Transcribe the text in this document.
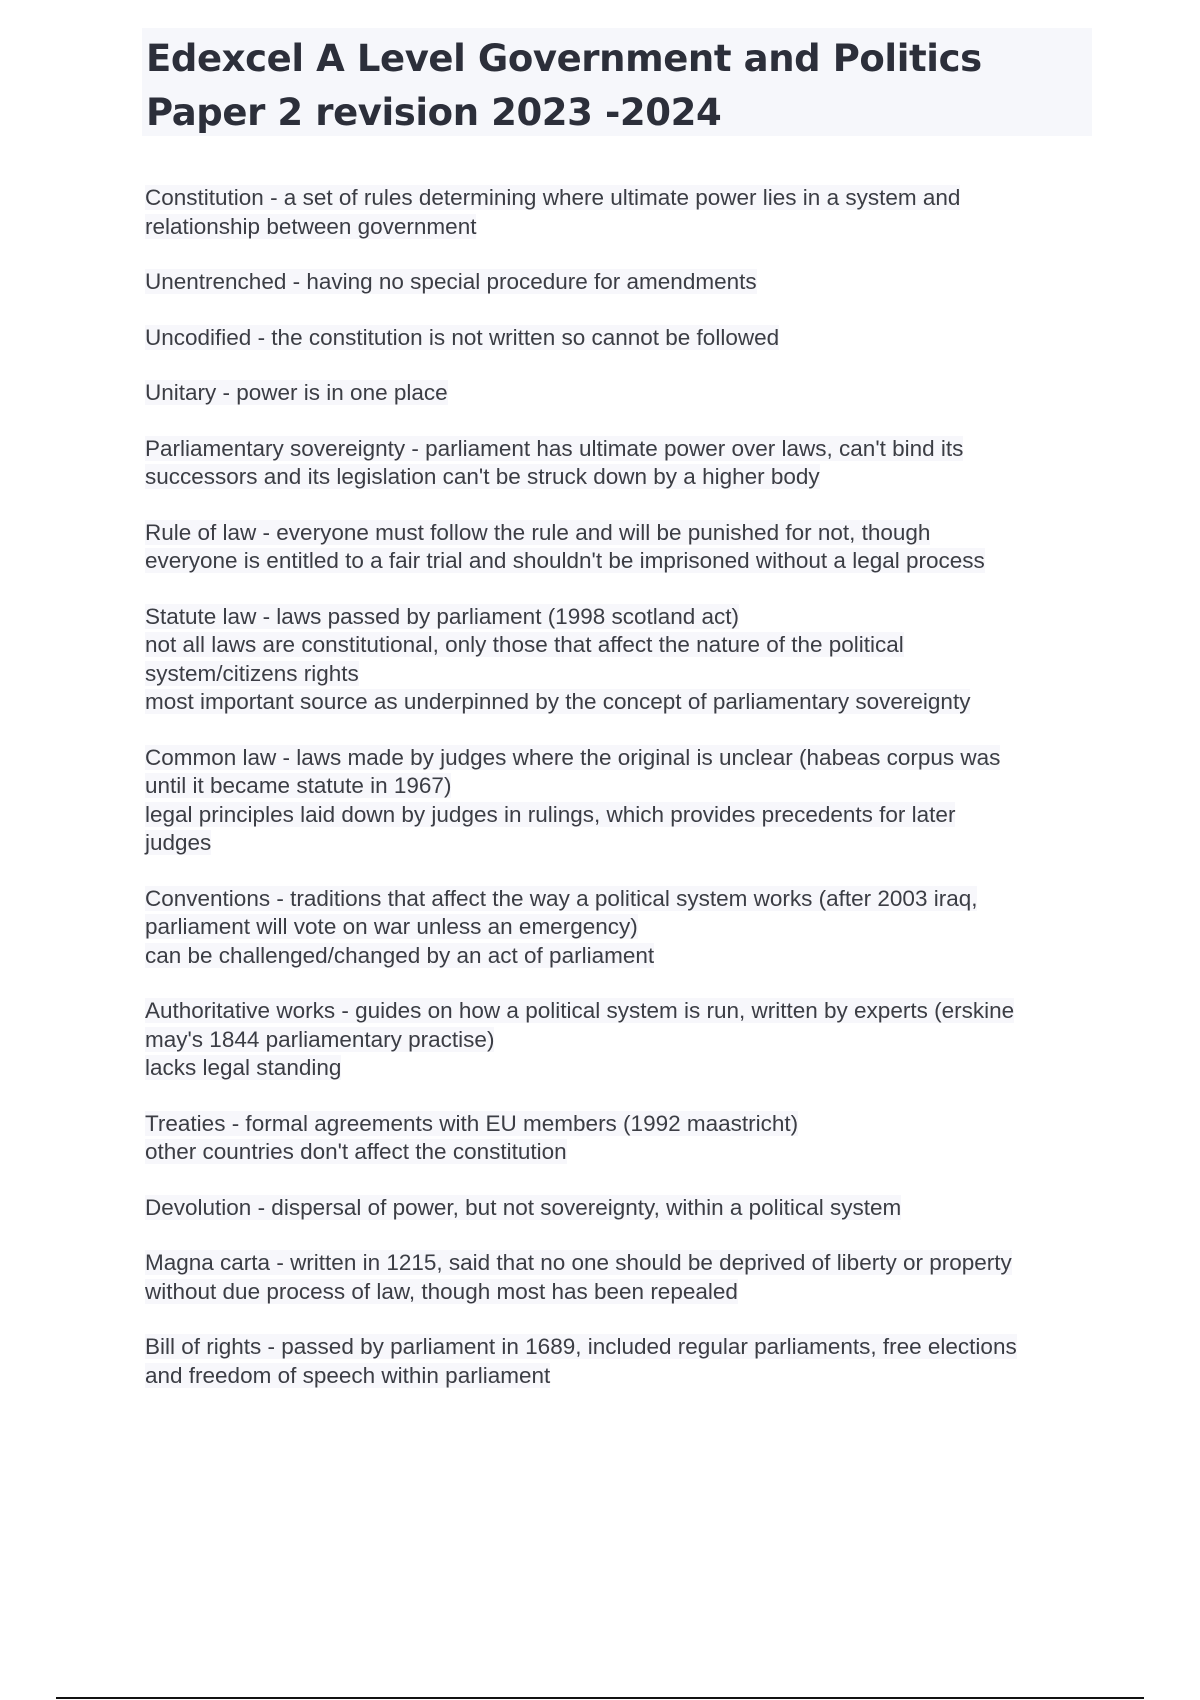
Edexcel A Level Government and Politics Paper 2 revision 2023 -2024

Constitution - a set of rules determining where ultimate power lies in a system and
relationship between government

Unentrenched - having no special procedure for amendments

Uncodified - the constitution is not written so cannot be followed

Unitary - power is in one place

Parliamentary sovereignty - parliament has ultimate power over laws, can't bind its
successors and its legislation can't be struck down by a higher body

Rule of law - everyone must follow the rule and will be punished for not, though
everyone is entitled to a fair trial and shouldn't be imprisoned without a legal process

Statute law - laws passed by parliament (1998 scotland act)
not all laws are constitutional, only those that affect the nature of the political
system/citizens rights
most important source as underpinned by the concept of parliamentary sovereignty

Common law - laws made by judges where the original is unclear (habeas corpus was
until it became statute in 1967)
legal principles laid down by judges in rulings, which provides precedents for later
judges

Conventions - traditions that affect the way a political system works (after 2003 iraq,
parliament will vote on war unless an emergency)
can be challenged/changed by an act of parliament

Authoritative works - guides on how a political system is run, written by experts (erskine
may's 1844 parliamentary practise)
lacks legal standing

Treaties - formal agreements with EU members (1992 maastricht)
other countries don't affect the constitution

Devolution - dispersal of power, but not sovereignty, within a political system

Magna carta - written in 1215, said that no one should be deprived of liberty or property
without due process of law, though most has been repealed

Bill of rights - passed by parliament in 1689, included regular parliaments, free elections
and freedom of speech within parliament
